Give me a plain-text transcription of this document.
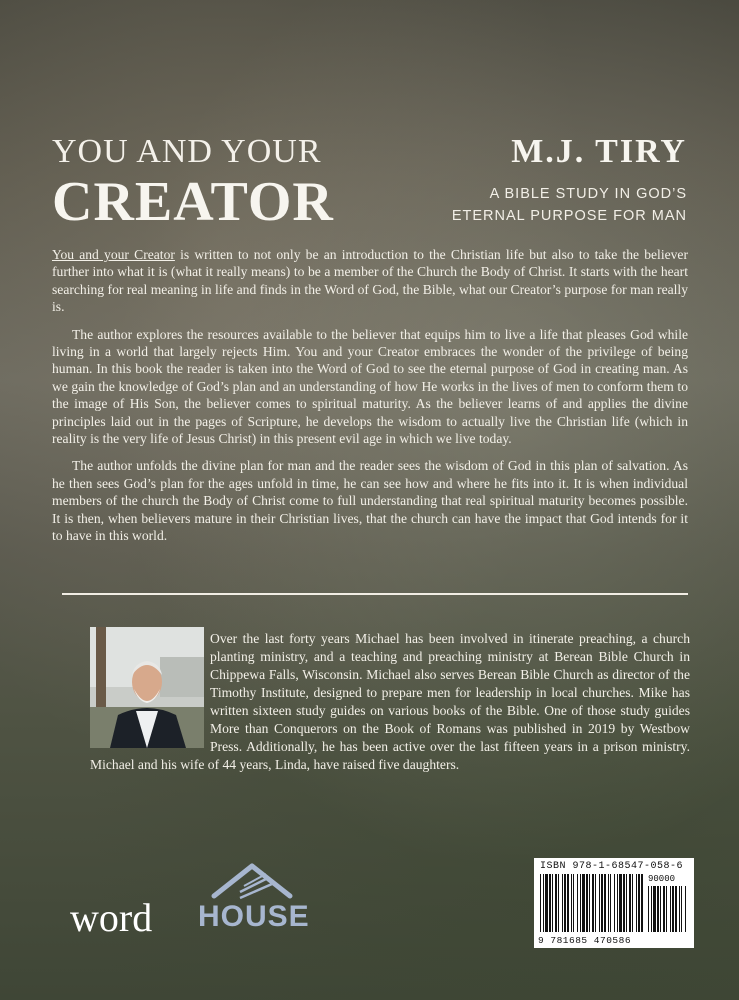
YOU AND YOUR
CREATOR
M.J. TIRY
A BIBLE STUDY IN GOD’S
ETERNAL PURPOSE FOR MAN

You and your Creator is written to not only be an introduction to the Christian life but also to take the believer further into what it is (what it really means) to be a member of the Church the Body of Christ. It starts with the heart searching for real meaning in life and finds in the Word of God, the Bible, what our Creator’s purpose for man really is.

The author explores the resources available to the believer that equips him to live a life that pleases God while living in a world that largely rejects Him. You and your Creator embraces the wonder of the privilege of being human. In this book the reader is taken into the Word of God to see the eternal purpose of God in creating man. As we gain the knowledge of God’s plan and an understanding of how He works in the lives of men to conform them to the image of His Son, the believer comes to spiritual maturity. As the believer learns of and applies the divine principles laid out in the pages of Scripture, he develops the wisdom to actually live the Christian life (which in reality is the very life of Jesus Christ) in this present evil age in which we live today.

The author unfolds the divine plan for man and the reader sees the wisdom of God in this plan of salvation. As he then sees God’s plan for the ages unfold in time, he can see how and where he fits into it. It is when individual members of the church the Body of Christ come to full understanding that real spiritual maturity becomes possible. It is then, when believers mature in their Christian lives, that the church can have the impact that God intends for it to have in this world.

Over the last forty years Michael has been involved in itinerate preaching, a church planting ministry, and a teaching and preaching ministry at Berean Bible Church in Chippewa Falls, Wisconsin. Michael also serves Berean Bible Church as director of the Timothy Institute, designed to prepare men for leadership in local churches. Mike has written sixteen study guides on various books of the Bible. One of those study guides More than Conquerors on the Book of Romans was published in 2019 by Westbow Press. Additionally, he has been active over the last fifteen years in a prison ministry. Michael and his wife of 44 years, Linda, have raised five daughters.
word HOUSE
ISBN 978-1-68547-058-6
90000
9 781685 470586
